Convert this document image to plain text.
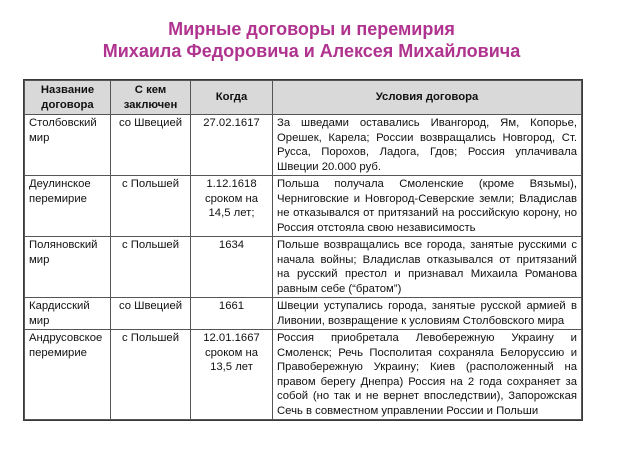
Мирные договоры и перемирия
Михаила Федоровича и Алексея Михайловича
Название договора	С кем заключен	Когда	Условия договора
Столбовский мир	со Швецией	27.02.1617	За шведами оставались Ивангород, Ям, Копорье, Орешек, Карела; России возвращались Новгород, Ст. Русса, Порохов, Ладога, Гдов; Россия уплачивала Швеции 20.000 руб.
Деулинское перемирие	с Польшей	1.12.1618 сроком на 14,5 лет;	Польша получала Смоленские (кроме Вязьмы), Черниговские и Новгород-Северские земли; Владислав не отказывался от притязаний на российскую корону, но Россия отстояла свою независимость
Поляновский мир	с Польшей	1634	Польше возвращались все города, занятые русскими с начала войны; Владислав отказывался от притязаний на русский престол и признавал Михаила Романова равным себе (“братом”)
Кардисский мир	со Швецией	1661	Швеции уступались города, занятые русской армией в Ливонии, возвращение к условиям Столбовского мира
Андрусовское перемирие	с Польшей	12.01.1667 сроком на 13,5 лет	Россия приобретала Левобережную Украину и Смоленск; Речь Посполитая сохраняла Белоруссию и Правобережную Украину; Киев (расположенный на правом берегу Днепра) Россия на 2 года сохраняет за собой (но так и не вернет впоследствии), Запорожская Сечь в совместном управлении России и Польши
